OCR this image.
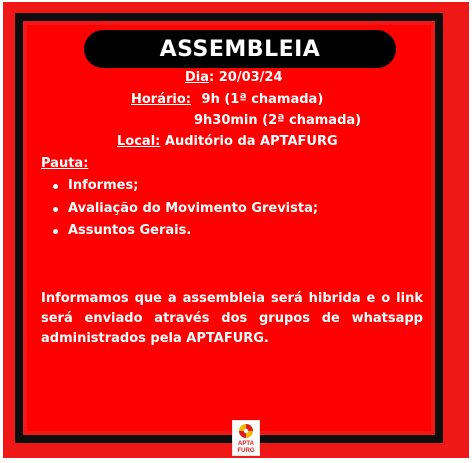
ASSEMBLEIA
Dia: 20/03/24
Horário: 9h (1ª chamada)
9h30min (2ª chamada)
Local: Auditório da APTAFURG
Pauta:
Informes;
Avaliação do Movimento Grevista;
Assuntos Gerais.
Informamos que a assembleia será hibrida e o link será enviado através dos grupos de whatsapp administrados pela APTAFURG.
APTA
FURG
